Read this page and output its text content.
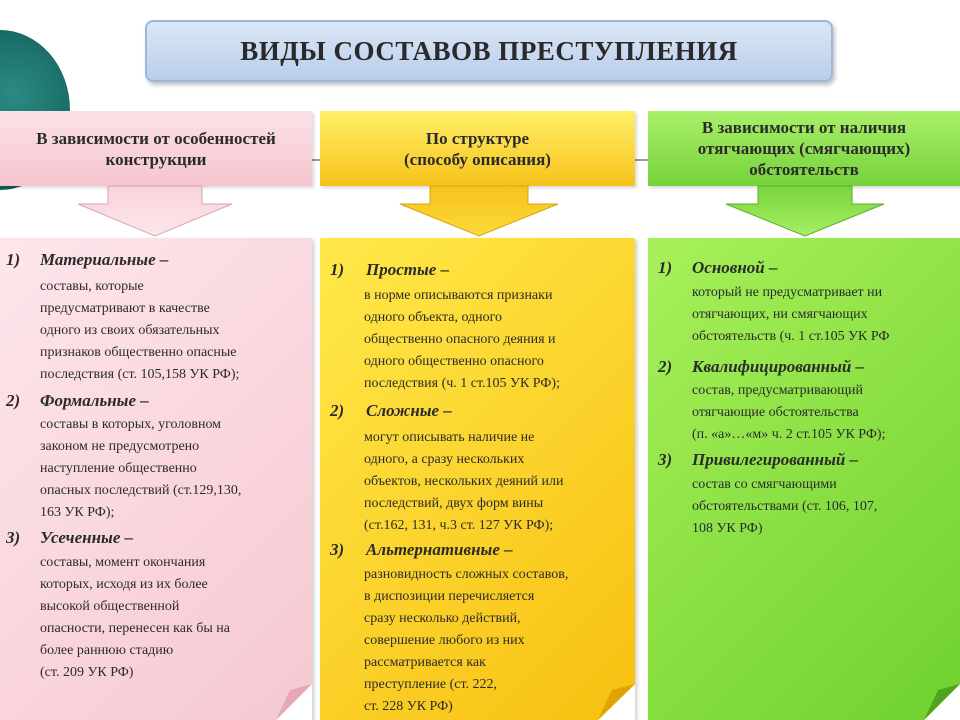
ВИДЫ СОСТАВОВ ПРЕСТУПЛЕНИЯ
В зависимости от особенностей
конструкции
По структуре
(способу описания)
В зависимости от наличия
отягчающих (смягчающих)
обстоятельств
1) Материальные –
составы, которые
предусматривают в качестве
одного из своих обязательных
признаков общественно опасные
последствия (ст. 105,158 УК РФ);
2) Формальные –
составы в которых, уголовном
законом не предусмотрено
наступление общественно
опасных последствий (ст.129,130,
163 УК РФ);
3) Усеченные –
составы, момент окончания
которых, исходя из их более
высокой общественной
опасности, перенесен как бы на
более раннюю стадию
(ст. 209 УК РФ)
1) Простые –
в норме описываются признаки
одного объекта, одного
общественно опасного деяния и
одного общественно опасного
последствия (ч. 1 ст.105 УК РФ);
2) Сложные –
могут описывать наличие не
одного, а сразу нескольких
объектов, нескольких деяний или
последствий, двух форм вины
(ст.162, 131, ч.3 ст. 127 УК РФ);
3) Альтернативные –
разновидность сложных составов,
в диспозиции перечисляется
сразу несколько действий,
совершение любого из них
рассматривается как
преступление (ст. 222,
ст. 228 УК РФ)
1) Основной –
который не предусматривает ни
отягчающих, ни смягчающих
обстоятельств (ч. 1 ст.105 УК РФ
2) Квалифицированный –
состав, предусматривающий
отягчающие обстоятельства
(п. «а»…«м» ч. 2 ст.105 УК РФ);
3) Привилегированный –
состав со смягчающими
обстоятельствами (ст. 106, 107,
108 УК РФ)
